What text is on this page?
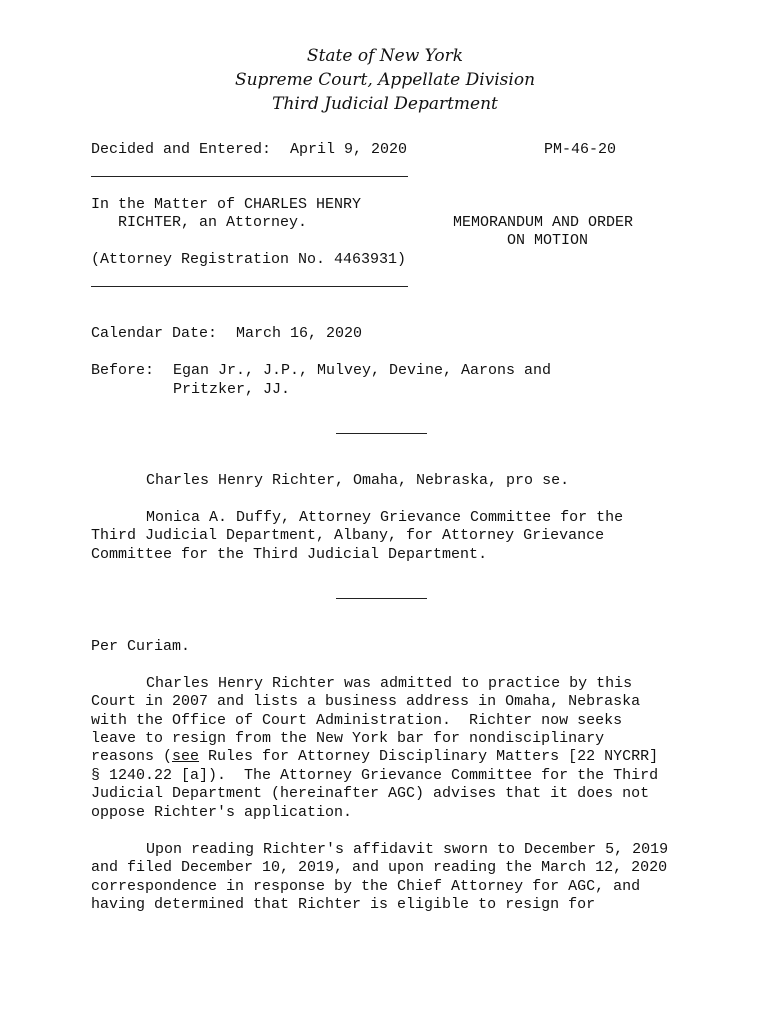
State of New York
Supreme Court, Appellate Division
Third Judicial Department
Decided and Entered: April 9, 2020	PM-46-20
In the Matter of CHARLES HENRY
RICHTER, an Attorney.	MEMORANDUM AND ORDER
ON MOTION
(Attorney Registration No. 4463931)
Calendar Date: March 16, 2020
Before: Egan Jr., J.P., Mulvey, Devine, Aarons and
Pritzker, JJ.
Charles Henry Richter, Omaha, Nebraska, pro se.
Monica A. Duffy, Attorney Grievance Committee for the
Third Judicial Department, Albany, for Attorney Grievance
Committee for the Third Judicial Department.
Per Curiam.
Charles Henry Richter was admitted to practice by this
Court in 2007 and lists a business address in Omaha, Nebraska
with the Office of Court Administration.  Richter now seeks
leave to resign from the New York bar for nondisciplinary
reasons (see Rules for Attorney Disciplinary Matters [22 NYCRR]
§ 1240.22 [a]).  The Attorney Grievance Committee for the Third
Judicial Department (hereinafter AGC) advises that it does not
oppose Richter's application.
Upon reading Richter's affidavit sworn to December 5, 2019
and filed December 10, 2019, and upon reading the March 12, 2020
correspondence in response by the Chief Attorney for AGC, and
having determined that Richter is eligible to resign for
